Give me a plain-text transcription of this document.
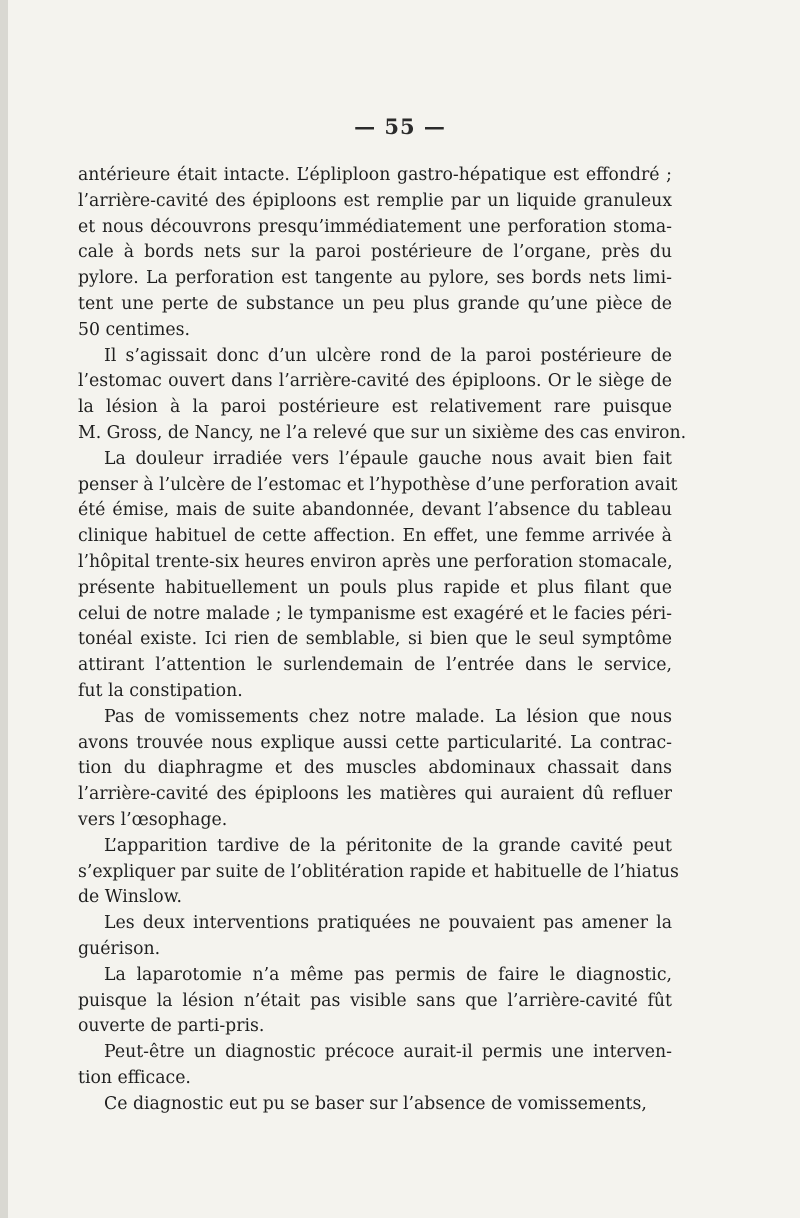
— 55 —
antérieure était intacte. L’épliploon gastro-hépatique est effondré ;
l’arrière-cavité des épiploons est remplie par un liquide granuleux
et nous découvrons presqu’immédiatement une perforation stoma-
cale à bords nets sur la paroi postérieure de l’organe, près du
pylore. La perforation est tangente au pylore, ses bords nets limi-
tent une perte de substance un peu plus grande qu’une pièce de
50 centimes.
Il s’agissait donc d’un ulcère rond de la paroi postérieure de
l’estomac ouvert dans l’arrière-cavité des épiploons. Or le siège de
la lésion à la paroi postérieure est relativement rare puisque
M. Gross, de Nancy, ne l’a relevé que sur un sixième des cas environ.
La douleur irradiée vers l’épaule gauche nous avait bien fait
penser à l’ulcère de l’estomac et l’hypothèse d’une perforation avait
été émise, mais de suite abandonnée, devant l’absence du tableau
clinique habituel de cette affection. En effet, une femme arrivée à
l’hôpital trente-six heures environ après une perforation stomacale,
présente habituellement un pouls plus rapide et plus filant que
celui de notre malade ; le tympanisme est exagéré et le facies péri-
tonéal existe. Ici rien de semblable, si bien que le seul symptôme
attirant l’attention le surlendemain de l’entrée dans le service,
fut la constipation.
Pas de vomissements chez notre malade. La lésion que nous
avons trouvée nous explique aussi cette particularité. La contrac-
tion du diaphragme et des muscles abdominaux chassait dans
l’arrière-cavité des épiploons les matières qui auraient dû refluer
vers l’œsophage.
L’apparition tardive de la péritonite de la grande cavité peut
s’expliquer par suite de l’oblitération rapide et habituelle de l’hiatus
de Winslow.
Les deux interventions pratiquées ne pouvaient pas amener la
guérison.
La laparotomie n’a même pas permis de faire le diagnostic,
puisque la lésion n’était pas visible sans que l’arrière-cavité fût
ouverte de parti-pris.
Peut-être un diagnostic précoce aurait-il permis une interven-
tion efficace.
Ce diagnostic eut pu se baser sur l’absence de vomissements,
